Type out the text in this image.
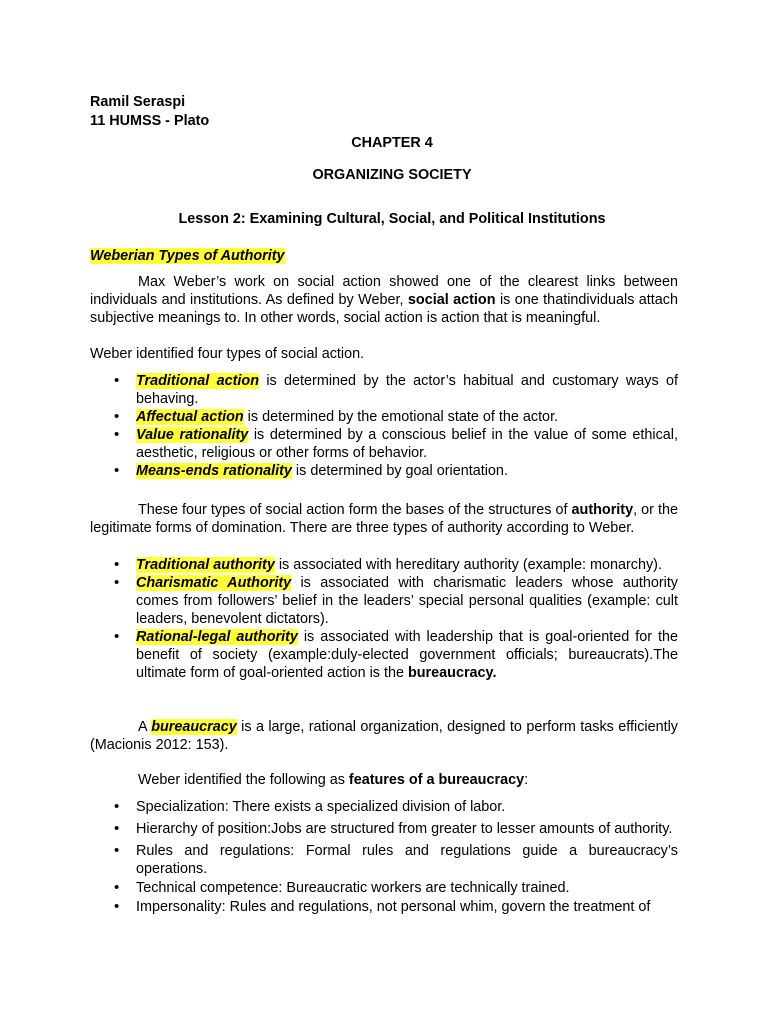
Ramil Seraspi
11 HUMSS - Plato
CHAPTER 4
ORGANIZING SOCIETY
Lesson 2: Examining Cultural, Social, and Political Institutions
Weberian Types of Authority
Max Weber’s work on social action showed one of the clearest links between individuals and institutions. As defined by Weber, social action is one thatindividuals attach subjective meanings to. In other words, social action is action that is meaningful.
Weber identified four types of social action.
• Traditional action is determined by the actor’s habitual and customary ways of behaving.
• Affectual action is determined by the emotional state of the actor.
• Value rationality is determined by a conscious belief in the value of some ethical, aesthetic, religious or other forms of behavior.
• Means-ends rationality is determined by goal orientation.
These four types of social action form the bases of the structures of authority, or the legitimate forms of domination. There are three types of authority according to Weber.
• Traditional authority is associated with hereditary authority (example: monarchy).
• Charismatic Authority is associated with charismatic leaders whose authority comes from followers’ belief in the leaders’ special personal qualities (example: cult leaders, benevolent dictators).
• Rational-legal authority is associated with leadership that is goal-oriented for the benefit of society (example:duly-elected government officials; bureaucrats).The ultimate form of goal-oriented action is the bureaucracy.
A bureaucracy is a large, rational organization, designed to perform tasks efficiently (Macionis 2012: 153).
Weber identified the following as features of a bureaucracy:
• Specialization: There exists a specialized division of labor.
• Hierarchy of position:Jobs are structured from greater to lesser amounts of authority.
• Rules and regulations: Formal rules and regulations guide a bureaucracy’s operations.
• Technical competence: Bureaucratic workers are technically trained.
• Impersonality: Rules and regulations, not personal whim, govern the treatment of
